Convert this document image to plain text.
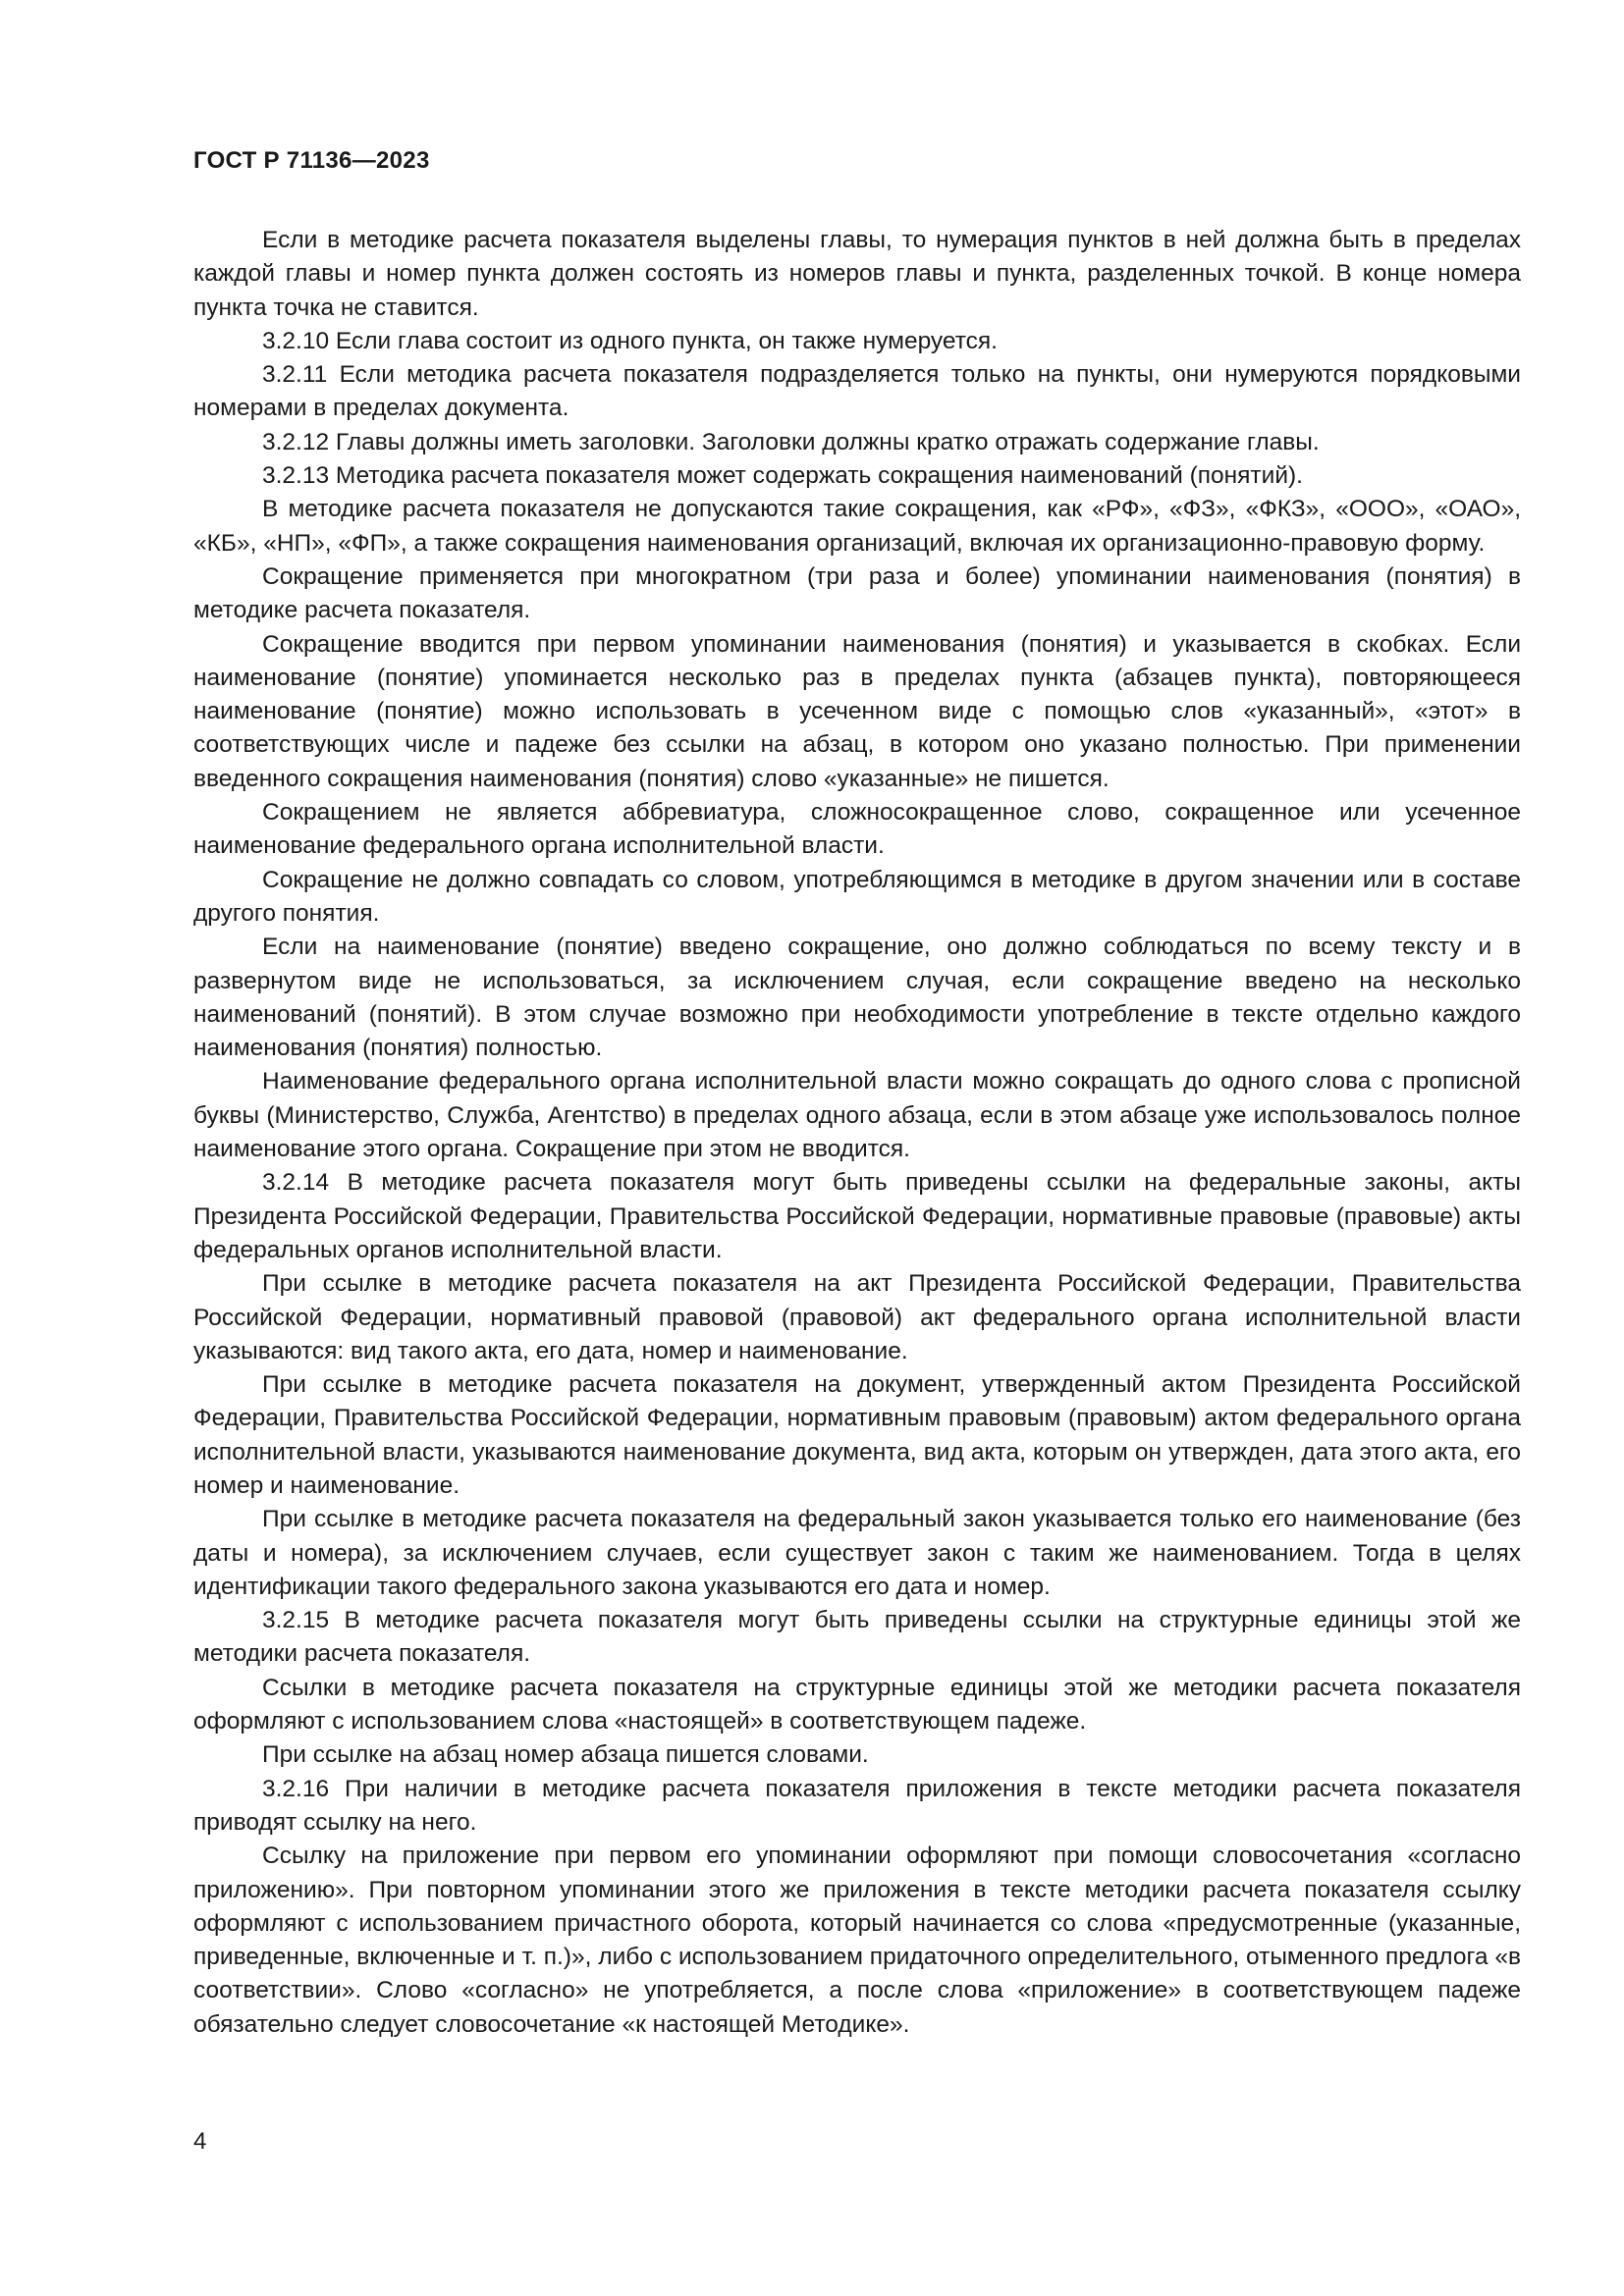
ГОСТ Р 71136—2023

Если в методике расчета показателя выделены главы, то нумерация пунктов в ней должна быть в пределах каждой главы и номер пункта должен состоять из номеров главы и пункта, разделенных точкой. В конце номера пункта точка не ставится.

3.2.10 Если глава состоит из одного пункта, он также нумеруется.

3.2.11 Если методика расчета показателя подразделяется только на пункты, они нумеруются порядковыми номерами в пределах документа.

3.2.12 Главы должны иметь заголовки. Заголовки должны кратко отражать содержание главы.

3.2.13 Методика расчета показателя может содержать сокращения наименований (понятий).

В методике расчета показателя не допускаются такие сокращения, как «РФ», «ФЗ», «ФКЗ», «ООО», «ОАО», «КБ», «НП», «ФП», а также сокращения наименования организаций, включая их организационно-правовую форму.

Сокращение применяется при многократном (три раза и более) упоминании наименования (понятия) в методике расчета показателя.

Сокращение вводится при первом упоминании наименования (понятия) и указывается в скобках. Если наименование (понятие) упоминается несколько раз в пределах пункта (абзацев пункта), повторяющееся наименование (понятие) можно использовать в усеченном виде с помощью слов «указанный», «этот» в соответствующих числе и падеже без ссылки на абзац, в котором оно указано полностью. При применении введенного сокращения наименования (понятия) слово «указанные» не пишется.

Сокращением не является аббревиатура, сложносокращенное слово, сокращенное или усеченное наименование федерального органа исполнительной власти.

Сокращение не должно совпадать со словом, употребляющимся в методике в другом значении или в составе другого понятия.

Если на наименование (понятие) введено сокращение, оно должно соблюдаться по всему тексту и в развернутом виде не использоваться, за исключением случая, если сокращение введено на несколько наименований (понятий). В этом случае возможно при необходимости употребление в тексте отдельно каждого наименования (понятия) полностью.

Наименование федерального органа исполнительной власти можно сокращать до одного слова с прописной буквы (Министерство, Служба, Агентство) в пределах одного абзаца, если в этом абзаце уже использовалось полное наименование этого органа. Сокращение при этом не вводится.

3.2.14 В методике расчета показателя могут быть приведены ссылки на федеральные законы, акты Президента Российской Федерации, Правительства Российской Федерации, нормативные правовые (правовые) акты федеральных органов исполнительной власти.

При ссылке в методике расчета показателя на акт Президента Российской Федерации, Правительства Российской Федерации, нормативный правовой (правовой) акт федерального органа исполнительной власти указываются: вид такого акта, его дата, номер и наименование.

При ссылке в методике расчета показателя на документ, утвержденный актом Президента Российской Федерации, Правительства Российской Федерации, нормативным правовым (правовым) актом федерального органа исполнительной власти, указываются наименование документа, вид акта, которым он утвержден, дата этого акта, его номер и наименование.

При ссылке в методике расчета показателя на федеральный закон указывается только его наименование (без даты и номера), за исключением случаев, если существует закон с таким же наименованием. Тогда в целях идентификации такого федерального закона указываются его дата и номер.

3.2.15 В методике расчета показателя могут быть приведены ссылки на структурные единицы этой же методики расчета показателя.

Ссылки в методике расчета показателя на структурные единицы этой же методики расчета показателя оформляют с использованием слова «настоящей» в соответствующем падеже.

При ссылке на абзац номер абзаца пишется словами.

3.2.16 При наличии в методике расчета показателя приложения в тексте методики расчета показателя приводят ссылку на него.

Ссылку на приложение при первом его упоминании оформляют при помощи словосочетания «согласно приложению». При повторном упоминании этого же приложения в тексте методики расчета показателя ссылку оформляют с использованием причастного оборота, который начинается со слова «предусмотренные (указанные, приведенные, включенные и т. п.)», либо с использованием придаточного определительного, отыменного предлога «в соответствии». Слово «согласно» не употребляется, а после слова «приложение» в соответствующем падеже обязательно следует словосочетание «к настоящей Методике».

4
